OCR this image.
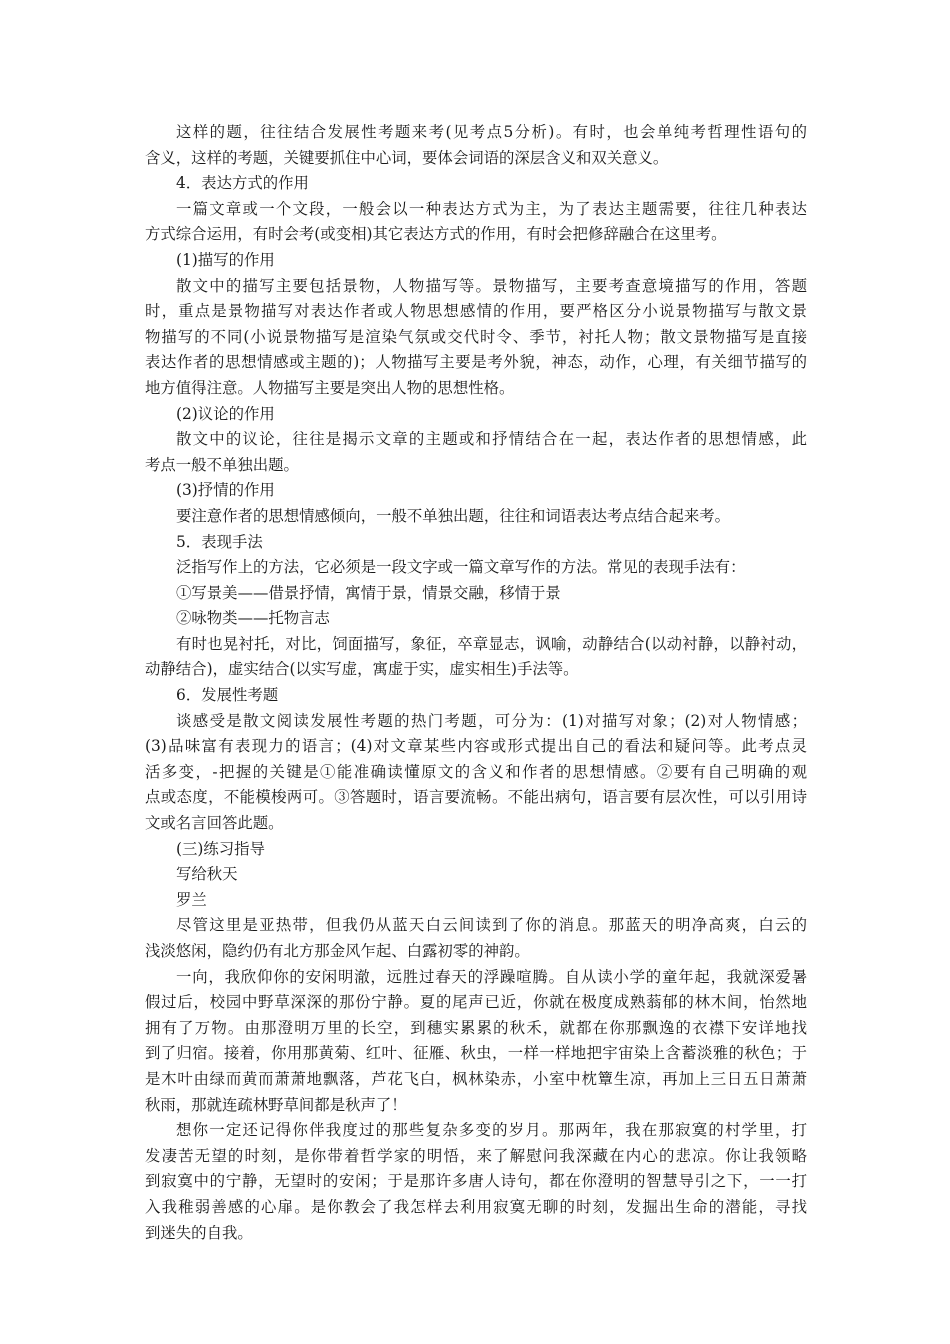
这样的题，往往结合发展性考题来考(见考点5分析)。有时，也会单纯考哲理性语句的
含义，这样的考题，关键要抓住中心词，要体会词语的深层含义和双关意义。
4．表达方式的作用
一篇文章或一个文段，一般会以一种表达方式为主，为了表达主题需要，往往几种表达
方式综合运用，有时会考(或变相)其它表达方式的作用，有时会把修辞融合在这里考。
(1)描写的作用
散文中的描写主要包括景物，人物描写等。景物描写，主要考查意境描写的作用，答题
时，重点是景物描写对表达作者或人物思想感情的作用，要严格区分小说景物描写与散文景
物描写的不同(小说景物描写是渲染气氛或交代时令、季节，衬托人物；散文景物描写是直接
表达作者的思想情感或主题的)；人物描写主要是考外貌，神态，动作，心理，有关细节描写的
地方值得注意。人物描写主要是突出人物的思想性格。
(2)议论的作用
散文中的议论，往往是揭示文章的主题或和抒情结合在一起，表达作者的思想情感，此
考点一般不单独出题。
(3)抒情的作用
要注意作者的思想情感倾向，一般不单独出题，往往和词语表达考点结合起来考。
5．表现手法
泛指写作上的方法，它必须是一段文字或一篇文章写作的方法。常见的表现手法有：
①写景美——借景抒情，寓情于景，情景交融，移情于景
②咏物类——托物言志
有时也晃衬托，对比，饲面描写，象征，卒章显志，讽喻，动静结合(以动衬静，以静衬动，
动静结合)，虚实结合(以实写虚，寓虚于实，虚实相生)手法等。
6．发展性考题
谈感受是散文阅读发展性考题的热门考题，可分为：(1)对描写对象；(2)对人物情感；
(3)品味富有表现力的语言；(4)对文章某些内容或形式提出自己的看法和疑问等。此考点灵
活多变，-把握的关键是①能准确读懂原文的含义和作者的思想情感。②要有自己明确的观
点或态度，不能模梭两可。③答题时，语言要流畅。不能出病句，语言要有层次性，可以引用诗
文或名言回答此题。
(三)练习指导
写给秋天
罗兰
尽管这里是亚热带，但我仍从蓝天白云间读到了你的消息。那蓝天的明净高爽，白云的
浅淡悠闲，隐约仍有北方那金风乍起、白露初零的神韵。
一向，我欣仰你的安闲明澈，远胜过春天的浮躁喧腾。自从读小学的童年起，我就深爱暑
假过后，校园中野草深深的那份宁静。夏的尾声已近，你就在极度成熟蓊郁的林木间，怡然地
拥有了万物。由那澄明万里的长空，到穗实累累的秋禾，就都在你那飘逸的衣襟下安详地找
到了归宿。接着，你用那黄菊、红叶、征雁、秋虫，一样一样地把宇宙染上含蓄淡雅的秋色；于
是木叶由绿而黄而萧萧地飘落，芦花飞白，枫林染赤，小室中枕簟生凉，再加上三日五日萧萧
秋雨，那就连疏林野草间都是秋声了！
想你一定还记得你伴我度过的那些复杂多变的岁月。那两年，我在那寂寞的村学里，打
发凄苦无望的时刻，是你带着哲学家的明悟，来了解慰问我深藏在内心的悲凉。你让我领略
到寂寞中的宁静，无望时的安闲；于是那许多唐人诗句，都在你澄明的智慧导引之下，一一打
入我稚弱善感的心扉。是你教会了我怎样去利用寂寞无聊的时刻，发掘出生命的潜能，寻找
到迷失的自我。
